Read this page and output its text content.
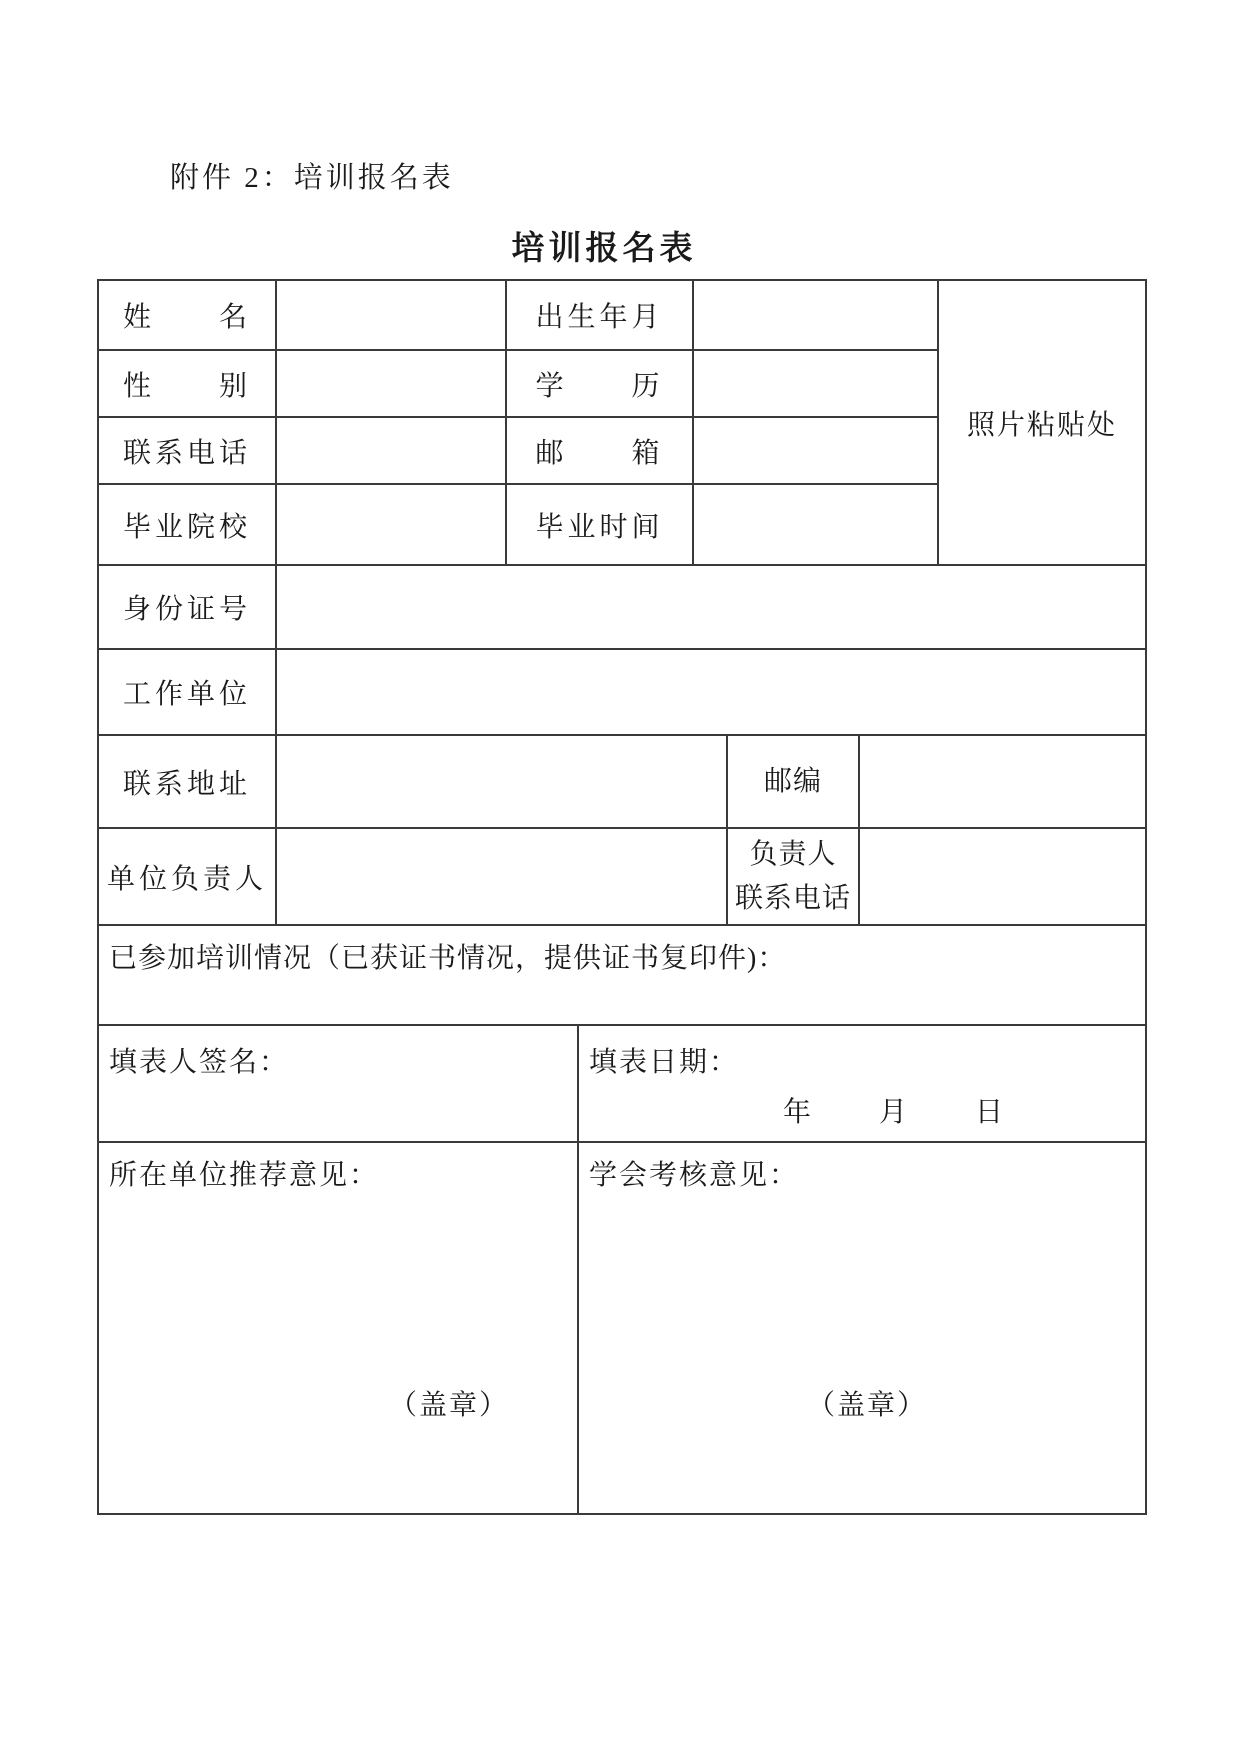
附件 2：培训报名表
培训报名表
姓　　名		出生年月					照片粘贴处
性　　别		学　　历					
联系电话		邮　　箱					
毕业院校		毕业时间					
身份证号							
工作单位							
联系地址					邮编		
单位负责人					负责人
联系电话		

已参加培训情况（已获证书情况，提供证书复印件)：							

填表人签名：			填表日期：
年　　月　　日				

所在单位推荐意见：
（盖章）

学会考核意见：
（盖章）
